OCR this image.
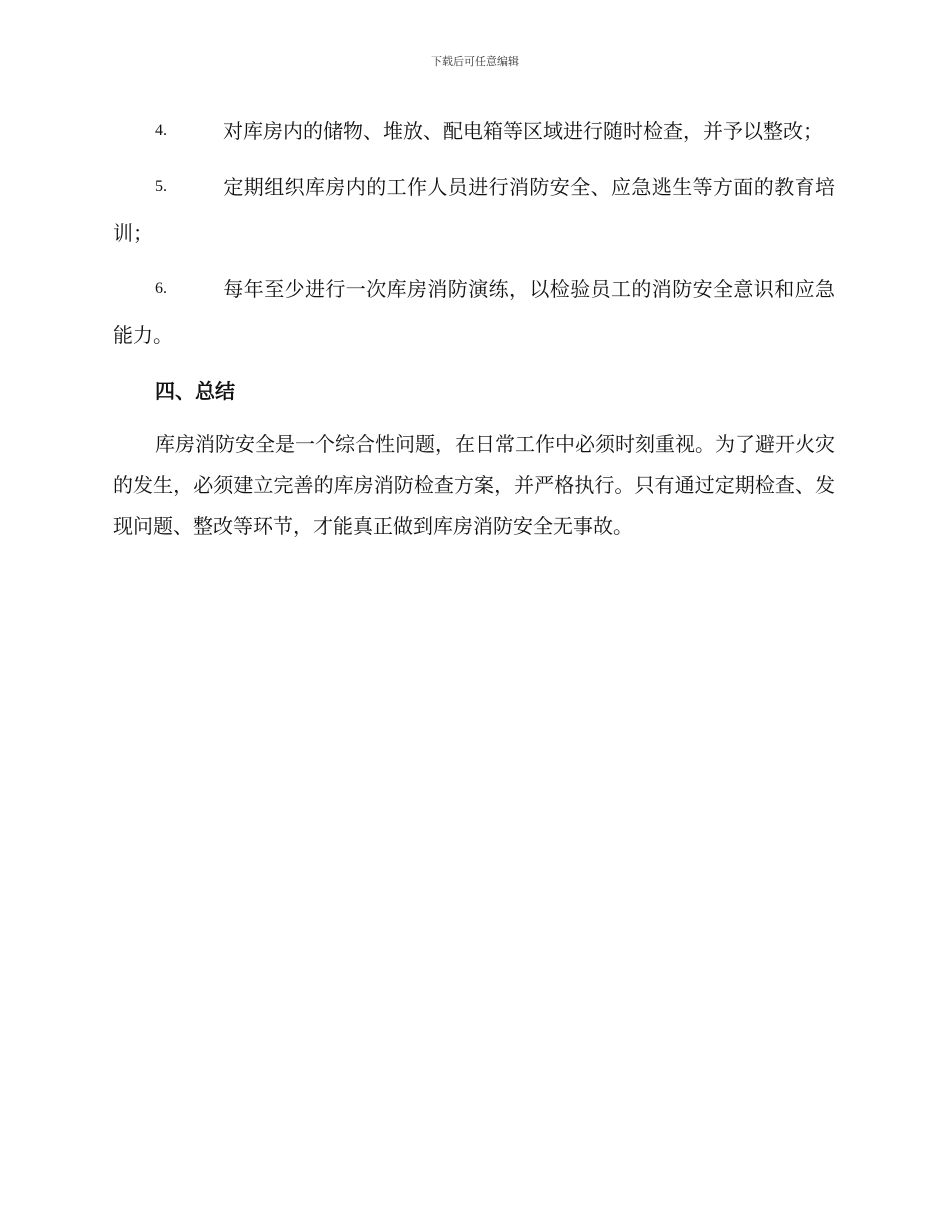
下载后可任意编辑
4.	对库房内的储物、堆放、配电箱等区域进行随时检查，并予以整改；
5.	定期组织库房内的工作人员进行消防安全、应急逃生等方面的教育培训；
6.	每年至少进行一次库房消防演练，以检验员工的消防安全意识和应急能力。
四、总结

库房消防安全是一个综合性问题，在日常工作中必须时刻重视。为了避开火灾的发生，必须建立完善的库房消防检查方案，并严格执行。只有通过定期检查、发现问题、整改等环节，才能真正做到库房消防安全无事故。
